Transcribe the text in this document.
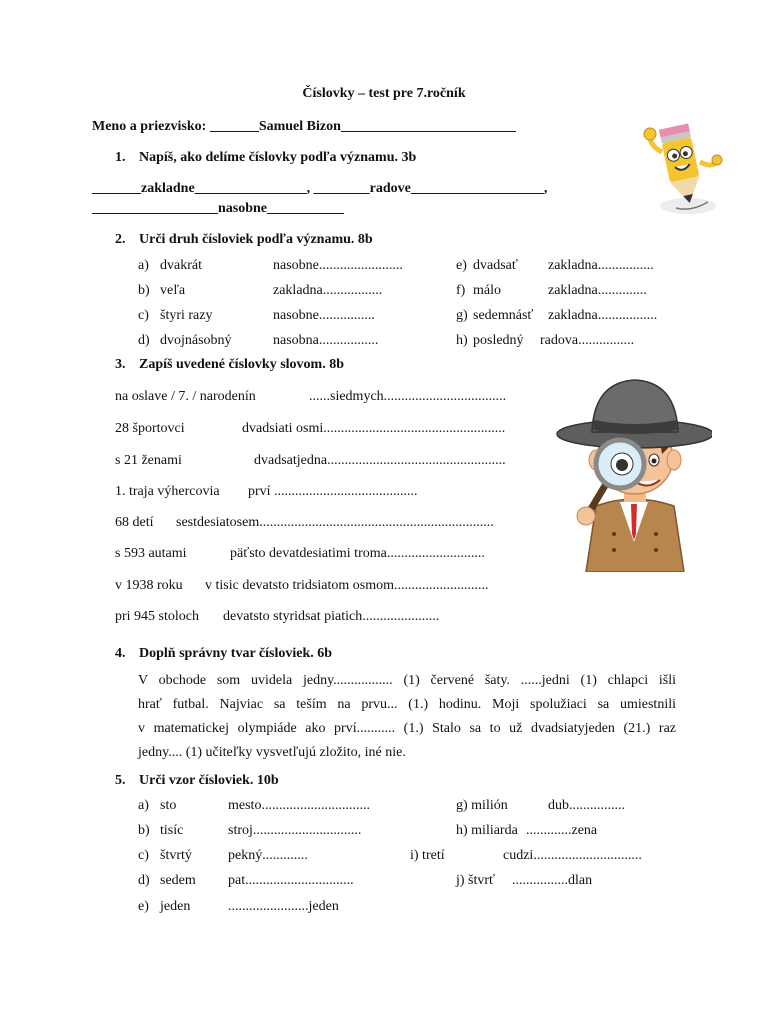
Číslovky – test pre 7.ročník
Meno a priezvisko: _______Samuel Bizon_________________________
1. Napíš, ako delíme číslovky podľa významu. 3b
_______zakladne________________, ________radove___________________,
__________________nasobne___________
2. Urči druh čísloviek podľa významu. 8b
a) dvakrát	nasobne........................
b) veľa	zakladna.................
c) štyri razy	nasobne................
d) dvojnásobný	nasobna.................
e) dvadsať zakladna................
f) málo	zakladna..............
g) sedemnásť zakladna.................
h) posledný radova................
3. Zapíš uvedené číslovky slovom. 8b
na oslave / 7. / narodenín	......siedmych...................................
28 športovci	dvadsiati osmi....................................................
s 21 ženami	dvadsatjedna...................................................
1. traja výhercovia prví .........................................
68 detí sestdesiatosem...................................................................
s 593 autami	päťsto devatdesiatimi troma............................
v 1938 roku v tisic devatsto tridsiatom osmom...........................
pri 945 stoloch devatsto styridsat piatich......................
4. Doplň správny tvar čísloviek. 6b
V obchode som uvidela jedny................. (1) červené šaty. ......jedni (1) chlapci išli
hrať futbal. Najviac sa teším na prvu... (1.) hodinu. Moji spolužiaci sa umiestnili
v matematickej olympiáde ako prví........... (1.) Stalo sa to už dvadsiatyjeden (21.) raz
jedny.... (1) učiteľky vysvetľujú zložito, iné nie.
5. Urči vzor čísloviek. 10b
a) sto	mesto...............................
b) tisíc	stroj...............................
c) štvrtý	pekný.............
d) sedem pat...............................
e) jeden	.......................jeden
g) milión	dub................
h) miliarda .............zena
i) tretí	cudzi...............................
j) štvrť ................dlan
